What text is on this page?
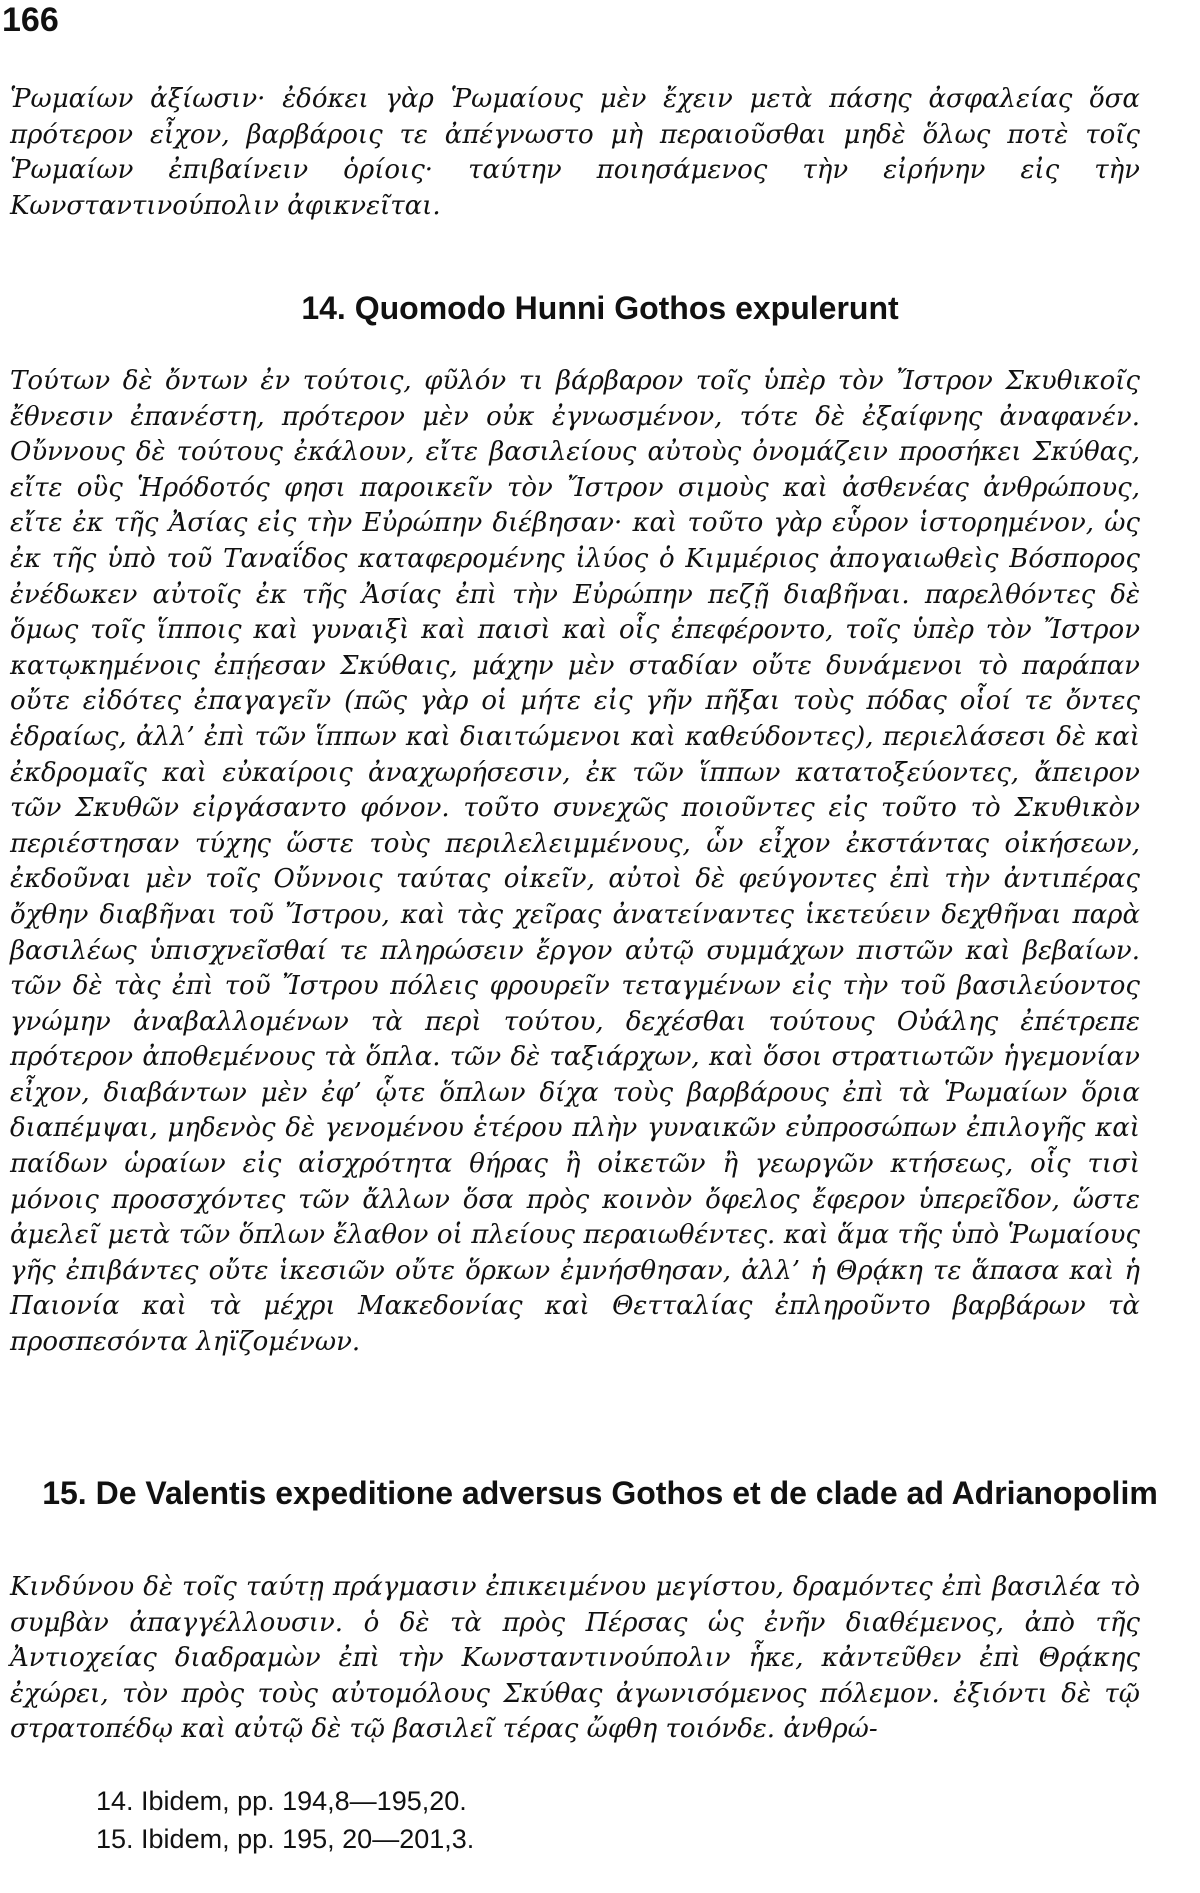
166

Ῥωμαίων ἀξίωσιν· ἐδόκει γὰρ Ῥωμαίους μὲν ἔχειν μετὰ πάσης ἀσφαλείας ὅσα πρότερον εἶχον, βαρβάροις τε ἀπέγνωστο μὴ περαιοῦσθαι μηδὲ ὅλως ποτὲ τοῖς Ῥωμαίων ἐπιβαίνειν ὁρίοις· ταύτην ποιησάμενος τὴν εἰρήνην εἰς τὴν Κωνσταντινούπολιν ἀφικνεῖται.

14. Quomodo Hunni Gothos expulerunt

Τούτων δὲ ὄντων ἐν τούτοις, φῦλόν τι βάρβαρον τοῖς ὑπὲρ τὸν Ἴστρον Σκυθικοῖς ἔθνεσιν ἐπανέστη, πρότερον μὲν οὐκ ἐγνωσμένον, τότε δὲ ἐξαίφνης ἀναφανέν. Οὔννους δὲ τούτους ἐκάλουν, εἴτε βασιλείους αὐτοὺς ὀνομάζειν προσήκει Σκύθας, εἴτε οὓς Ἡρόδοτός φησι παροικεῖν τὸν Ἴστρον σιμοὺς καὶ ἀσθενέας ἀνθρώπους, εἴτε ἐκ τῆς Ἀσίας εἰς τὴν Εὐρώπην διέβησαν· καὶ τοῦτο γὰρ εὗρον ἱστορημένον, ὡς ἐκ τῆς ὑπὸ τοῦ Ταναΐδος καταφερομένης ἰλύος ὁ Κιμμέριος ἀπογαιωθεὶς Βόσπορος ἐνέδωκεν αὐτοῖς ἐκ τῆς Ἀσίας ἐπὶ τὴν Εὐρώπην πεζῇ διαβῆναι. παρελθόντες δὲ ὅμως τοῖς ἵπποις καὶ γυναιξὶ καὶ παισὶ καὶ οἷς ἐπεφέροντο, τοῖς ὑπὲρ τὸν Ἴστρον κατῳκημένοις ἐπῄεσαν Σκύθαις, μάχην μὲν σταδίαν οὔτε δυνάμενοι τὸ παράπαν οὔτε εἰδότες ἐπαγαγεῖν (πῶς γὰρ οἱ μήτε εἰς γῆν πῆξαι τοὺς πόδας οἷοί τε ὄντες ἑδραίως, ἀλλ’ ἐπὶ τῶν ἵππων καὶ διαιτώμενοι καὶ καθεύδοντες), περιελάσεσι δὲ καὶ ἐκδρομαῖς καὶ εὐκαίροις ἀναχωρήσεσιν, ἐκ τῶν ἵππων κατατοξεύοντες, ἄπειρον τῶν Σκυθῶν εἰργάσαντο φόνον. τοῦτο συνεχῶς ποιοῦντες εἰς τοῦτο τὸ Σκυθικὸν περιέστησαν τύχης ὥστε τοὺς περιλελειμμένους, ὧν εἶχον ἐκστάντας οἰκήσεων, ἐκδοῦναι μὲν τοῖς Οὔννοις ταύτας οἰκεῖν, αὐτοὶ δὲ φεύγοντες ἐπὶ τὴν ἀντιπέρας ὄχθην διαβῆναι τοῦ Ἴστρου, καὶ τὰς χεῖρας ἀνατείναντες ἱκετεύειν δεχθῆναι παρὰ βασιλέως ὑπισχνεῖσθαί τε πληρώσειν ἔργον αὐτῷ συμμάχων πιστῶν καὶ βεβαίων. τῶν δὲ τὰς ἐπὶ τοῦ Ἴστρου πόλεις φρουρεῖν τεταγμένων εἰς τὴν τοῦ βασιλεύοντος γνώμην ἀναβαλλομένων τὰ περὶ τούτου, δεχέσθαι τούτους Οὐάλης ἐπέτρεπε πρότερον ἀποθεμένους τὰ ὅπλα. τῶν δὲ ταξιάρχων, καὶ ὅσοι στρατιωτῶν ἡγεμονίαν εἶχον, διαβάντων μὲν ἐφ’ ᾧτε ὅπλων δίχα τοὺς βαρβάρους ἐπὶ τὰ Ῥωμαίων ὅρια διαπέμψαι, μηδενὸς δὲ γενομένου ἑτέρου πλὴν γυναικῶν εὐπροσώπων ἐπιλογῆς καὶ παίδων ὡραίων εἰς αἰσχρότητα θήρας ἢ οἰκετῶν ἢ γεωργῶν κτήσεως, οἷς τισὶ μόνοις προσσχόντες τῶν ἄλλων ὅσα πρὸς κοινὸν ὄφελος ἔφερον ὑπερεῖδον, ὥστε ἀμελεῖ μετὰ τῶν ὅπλων ἔλαθον οἱ πλείους περαιωθέντες. καὶ ἅμα τῆς ὑπὸ Ῥωμαίους γῆς ἐπιβάντες οὔτε ἱκεσιῶν οὔτε ὅρκων ἐμνήσθησαν, ἀλλ’ ἡ Θρᾴκη τε ἅπασα καὶ ἡ Παιονία καὶ τὰ μέχρι Μακεδονίας καὶ Θετταλίας ἐπληροῦντο βαρβάρων τὰ προσπεσόντα ληϊζομένων.

15. De Valentis expeditione adversus Gothos et de clade ad Adrianopolim

Κινδύνου δὲ τοῖς ταύτῃ πράγμασιν ἐπικειμένου μεγίστου, δραμόντες ἐπὶ βασιλέα τὸ συμβὰν ἀπαγγέλλουσιν. ὁ δὲ τὰ πρὸς Πέρσας ὡς ἐνῆν διαθέμενος, ἀπὸ τῆς Ἀντιοχείας διαδραμὼν ἐπὶ τὴν Κωνσταντινούπολιν ἧκε, κἀντεῦθεν ἐπὶ Θρᾴκης ἐχώρει, τὸν πρὸς τοὺς αὐτομόλους Σκύθας ἀγωνισόμενος πόλεμον. ἐξιόντι δὲ τῷ στρατοπέδῳ καὶ αὐτῷ δὲ τῷ βασιλεῖ τέρας ὤφθη τοιόνδε. ἀνθρώ-

14. Ibidem, pp. 194,8—195,20.
15. Ibidem, pp. 195, 20—201,3.
